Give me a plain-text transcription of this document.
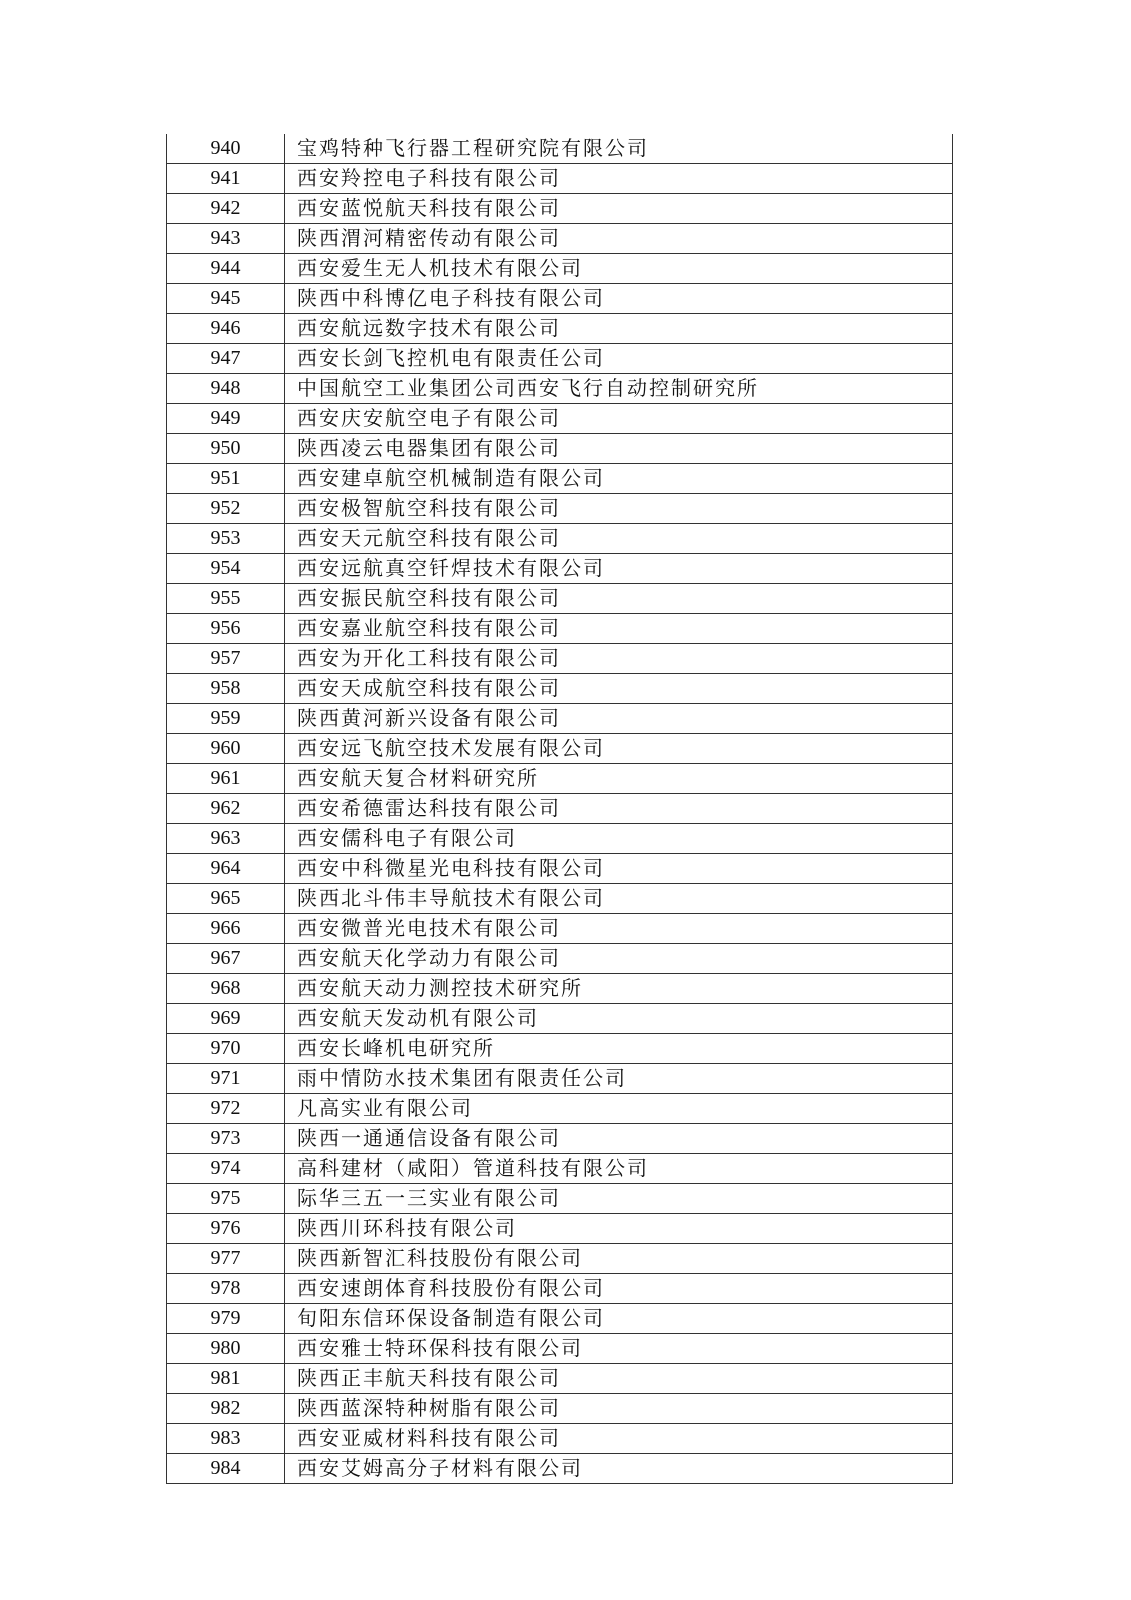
940	宝鸡特种飞行器工程研究院有限公司
941	西安羚控电子科技有限公司
942	西安蓝悦航天科技有限公司
943	陕西渭河精密传动有限公司
944	西安爱生无人机技术有限公司
945	陕西中科博亿电子科技有限公司
946	西安航远数字技术有限公司
947	西安长剑飞控机电有限责任公司
948	中国航空工业集团公司西安飞行自动控制研究所
949	西安庆安航空电子有限公司
950	陕西凌云电器集团有限公司
951	西安建卓航空机械制造有限公司
952	西安极智航空科技有限公司
953	西安天元航空科技有限公司
954	西安远航真空钎焊技术有限公司
955	西安振民航空科技有限公司
956	西安嘉业航空科技有限公司
957	西安为开化工科技有限公司
958	西安天成航空科技有限公司
959	陕西黄河新兴设备有限公司
960	西安远飞航空技术发展有限公司
961	西安航天复合材料研究所
962	西安希德雷达科技有限公司
963	西安儒科电子有限公司
964	西安中科微星光电科技有限公司
965	陕西北斗伟丰导航技术有限公司
966	西安微普光电技术有限公司
967	西安航天化学动力有限公司
968	西安航天动力测控技术研究所
969	西安航天发动机有限公司
970	西安长峰机电研究所
971	雨中情防水技术集团有限责任公司
972	凡高实业有限公司
973	陕西一通通信设备有限公司
974	高科建材（咸阳）管道科技有限公司
975	际华三五一三实业有限公司
976	陕西川环科技有限公司
977	陕西新智汇科技股份有限公司
978	西安速朗体育科技股份有限公司
979	旬阳东信环保设备制造有限公司
980	西安雅士特环保科技有限公司
981	陕西正丰航天科技有限公司
982	陕西蓝深特种树脂有限公司
983	西安亚威材料科技有限公司
984	西安艾姆高分子材料有限公司
